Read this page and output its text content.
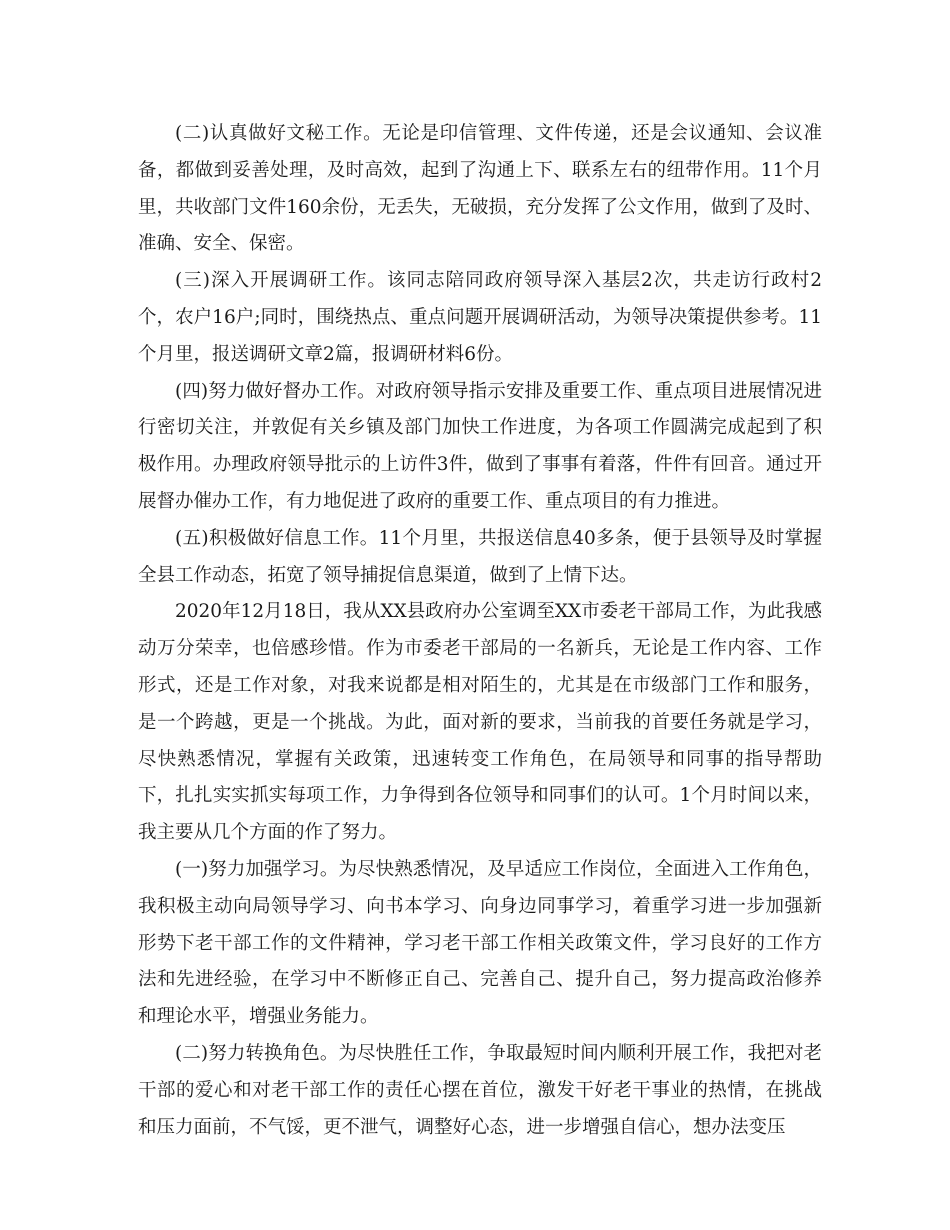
(二)认真做好文秘工作。无论是印信管理、文件传递，还是会议通知、会议准备，都做到妥善处理，及时高效，起到了沟通上下、联系左右的纽带作用。11个月里，共收部门文件160余份，无丢失，无破损，充分发挥了公文作用，做到了及时、准确、安全、保密。

(三)深入开展调研工作。该同志陪同政府领导深入基层2次，共走访行政村2个，农户16户;同时，围绕热点、重点问题开展调研活动，为领导决策提供参考。11个月里，报送调研文章2篇，报调研材料6份。

(四)努力做好督办工作。对政府领导指示安排及重要工作、重点项目进展情况进行密切关注，并敦促有关乡镇及部门加快工作进度，为各项工作圆满完成起到了积极作用。办理政府领导批示的上访件3件，做到了事事有着落，件件有回音。通过开展督办催办工作，有力地促进了政府的重要工作、重点项目的有力推进。

(五)积极做好信息工作。11个月里，共报送信息40多条，便于县领导及时掌握全县工作动态，拓宽了领导捕捉信息渠道，做到了上情下达。

2020年12月18日，我从XX县政府办公室调至XX市委老干部局工作，为此我感动万分荣幸，也倍感珍惜。作为市委老干部局的一名新兵，无论是工作内容、工作形式，还是工作对象，对我来说都是相对陌生的，尤其是在市级部门工作和服务，是一个跨越，更是一个挑战。为此，面对新的要求，当前我的首要任务就是学习，尽快熟悉情况，掌握有关政策，迅速转变工作角色，在局领导和同事的指导帮助下，扎扎实实抓实每项工作，力争得到各位领导和同事们的认可。1个月时间以来，我主要从几个方面的作了努力。

(一)努力加强学习。为尽快熟悉情况，及早适应工作岗位，全面进入工作角色，我积极主动向局领导学习、向书本学习、向身边同事学习，着重学习进一步加强新形势下老干部工作的文件精神，学习老干部工作相关政策文件，学习良好的工作方法和先进经验，在学习中不断修正自己、完善自己、提升自己，努力提高政治修养和理论水平，增强业务能力。

(二)努力转换角色。为尽快胜任工作，争取最短时间内顺利开展工作，我把对老干部的爱心和对老干部工作的责任心摆在首位，激发干好老干事业的热情，在挑战和压力面前，不气馁，更不泄气，调整好心态，进一步增强自信心，想办法变压
